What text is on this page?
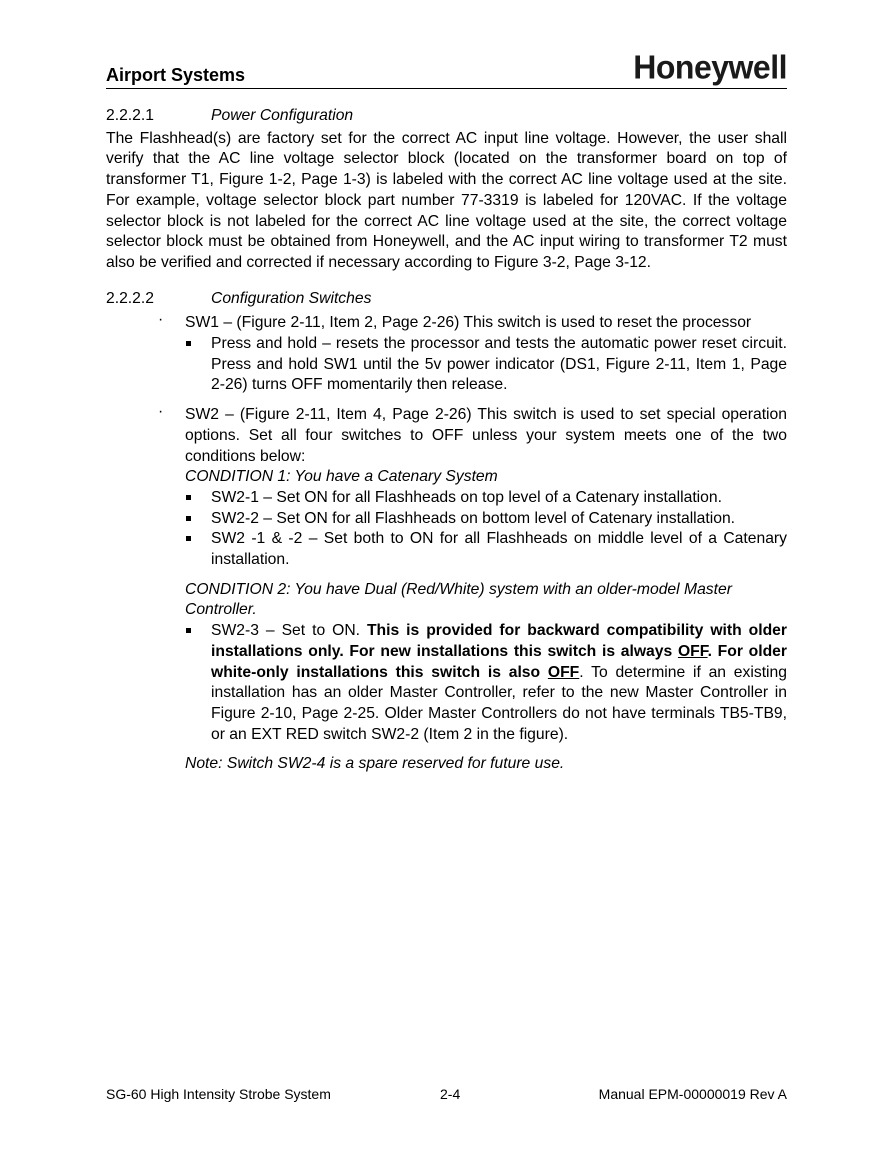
Airport Systems	Honeywell
2.2.2.1	Power Configuration

The Flashhead(s) are factory set for the correct AC input line voltage. However, the user shall verify that the AC line voltage selector block (located on the transformer board on top of transformer T1, Figure 1-2, Page 1-3) is labeled with the correct AC line voltage used at the site. For example, voltage selector block part number 77-3319 is labeled for 120VAC. If the voltage selector block is not labeled for the correct AC line voltage used at the site, the correct voltage selector block must be obtained from Honeywell, and the AC input wiring to transformer T2 must also be verified and corrected if necessary according to Figure 3-2, Page 3-12.

2.2.2.2	Configuration Switches
· SW1 – (Figure 2-11, Item 2, Page 2-26) This switch is used to reset the processor
Press and hold – resets the processor and tests the automatic power reset circuit. Press and hold SW1 until the 5v power indicator (DS1, Figure 2-11, Item 1, Page 2-26) turns OFF momentarily then release.
· SW2 – (Figure 2-11, Item 4, Page 2-26) This switch is used to set special operation options. Set all four switches to OFF unless your system meets one of the two conditions below:
CONDITION 1: You have a Catenary System
SW2-1 – Set ON for all Flashheads on top level of a Catenary installation.
SW2-2 – Set ON for all Flashheads on bottom level of Catenary installation.
SW2 -1 & -2 – Set both to ON for all Flashheads on middle level of a Catenary installation.
CONDITION 2: You have Dual (Red/White) system with an older-model Master Controller.
SW2-3 – Set to ON. This is provided for backward compatibility with older installations only. For new installations this switch is always OFF. For older white-only installations this switch is also OFF. To determine if an existing installation has an older Master Controller, refer to the new Master Controller in Figure 2-10, Page 2-25. Older Master Controllers do not have terminals TB5-TB9, or an EXT RED switch SW2-2 (Item 2 in the figure).
Note: Switch SW2-4 is a spare reserved for future use.
SG-60 High Intensity Strobe System	2-4	Manual EPM-00000019 Rev A
